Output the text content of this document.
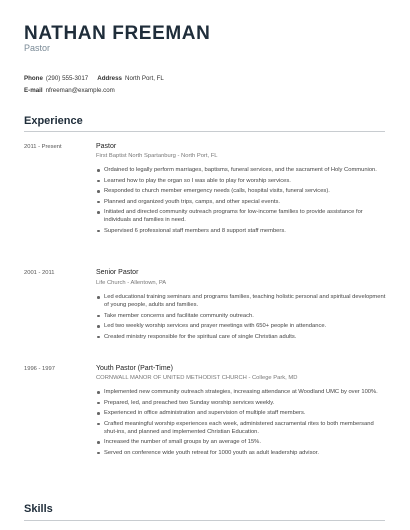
NATHAN FREEMAN
Pastor
Phone (290) 555-3017 Address North Port, FL
E-mail nfreeman@example.com
Experience
2011 - Present	Pastor
First Baptist North Spartanburg - North Port, FL
Ordained to legally perform marriages, baptisms, funeral services, and the sacrament of Holy Communion.
Learned how to play the organ so I was able to play for worship services.
Responded to church member emergency needs (calls, hospital visits, funeral services).
Planned and organized youth trips, camps, and other special events.
Initiated and directed community outreach programs for low-income families to provide assistance for individuals and families in need.
Supervised 6 professional staff members and 8 support staff members.
2001 - 2011	Senior Pastor
Life Church - Allentown, PA
Led educational training seminars and programs families, teaching holistic personal and spiritual development of young people, adults and families.
Take member concerns and facilitate community outreach.
Led two weekly worship services and prayer meetings with 650+ people in attendance.
Created ministry responsible for the spiritual care of single Christian adults.
1996 - 1997	Youth Pastor (Part-Time)
CORNWALL MANOR OF UNITED METHODIST CHURCH - College Park, MD
Implemented new community outreach strategies, increasing attendance at Woodland UMC by over 100%.
Prepared, led, and preached two Sunday worship services weekly.
Experienced in office administration and supervision of multiple staff members.
Crafted meaningful worship experiences each week, administered sacramental rites to both membersand shut-ins, and planned and implemented Christian Education.
Increased the number of small groups by an average of 15%.
Served on conference wide youth retreat for 1000 youth as adult leadership advisor.
Skills
